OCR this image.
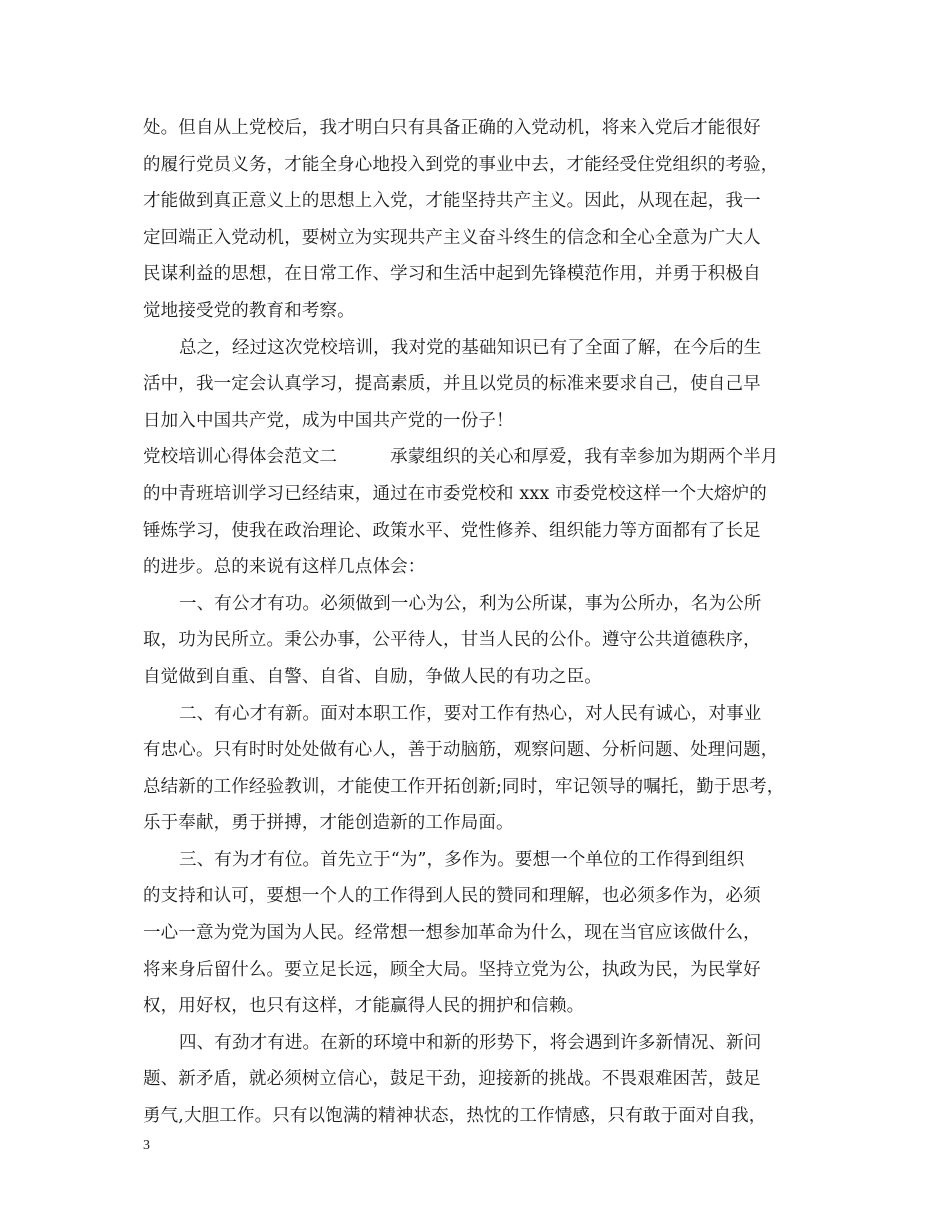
处。但自从上党校后，我才明白只有具备正确的入党动机，将来入党后才能很好
的履行党员义务，才能全身心地投入到党的事业中去，才能经受住党组织的考验，
才能做到真正意义上的思想上入党，才能坚持共产主义。因此，从现在起，我一
定回端正入党动机，要树立为实现共产主义奋斗终生的信念和全心全意为广大人
民谋利益的思想，在日常工作、学习和生活中起到先锋模范作用，并勇于积极自
觉地接受党的教育和考察。
总之，经过这次党校培训，我对党的基础知识已有了全面了解，在今后的生
活中，我一定会认真学习，提高素质，并且以党员的标准来要求自己，使自己早
日加入中国共产党，成为中国共产党的一份子！
党校培训心得体会范文二　　　承蒙组织的关心和厚爱，我有幸参加为期两个半月
的中青班培训学习已经结束，通过在市委党校和 xxx 市委党校这样一个大熔炉的
锤炼学习，使我在政治理论、政策水平、党性修养、组织能力等方面都有了长足
的进步。总的来说有这样几点体会：
一、有公才有功。必须做到一心为公，利为公所谋，事为公所办，名为公所
取，功为民所立。秉公办事，公平待人，甘当人民的公仆。遵守公共道德秩序，
自觉做到自重、自警、自省、自励，争做人民的有功之臣。
二、有心才有新。面对本职工作，要对工作有热心，对人民有诚心，对事业
有忠心。只有时时处处做有心人，善于动脑筋，观察问题、分析问题、处理问题，
总结新的工作经验教训，才能使工作开拓创新;同时，牢记领导的嘱托，勤于思考，
乐于奉献，勇于拼搏，才能创造新的工作局面。
三、有为才有位。首先立于“为”，多作为。要想一个单位的工作得到组织
的支持和认可，要想一个人的工作得到人民的赞同和理解，也必须多作为，必须
一心一意为党为国为人民。经常想一想参加革命为什么，现在当官应该做什么，
将来身后留什么。要立足长远，顾全大局。坚持立党为公，执政为民，为民掌好
权，用好权，也只有这样，才能赢得人民的拥护和信赖。
四、有劲才有进。在新的环境中和新的形势下，将会遇到许多新情况、新问
题、新矛盾，就必须树立信心，鼓足干劲，迎接新的挑战。不畏艰难困苦，鼓足
勇气,大胆工作。只有以饱满的精神状态，热忱的工作情感，只有敢于面对自我，
3
